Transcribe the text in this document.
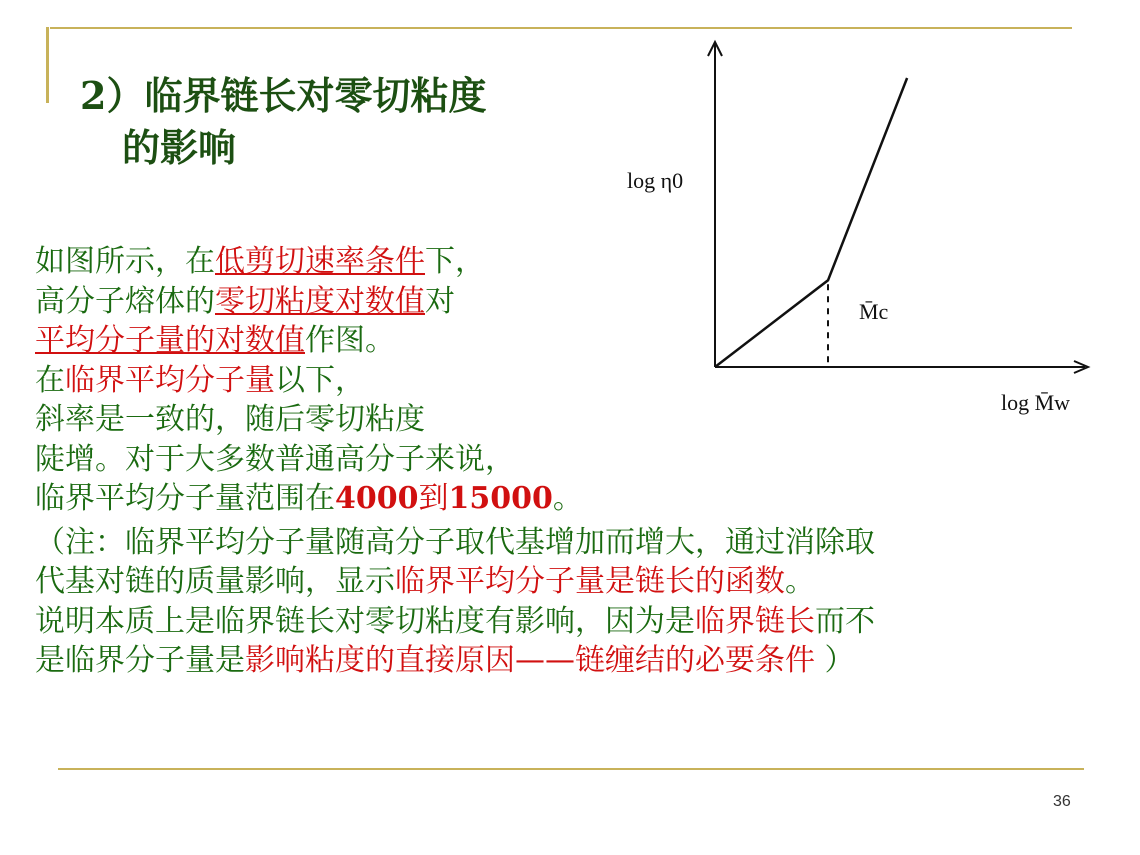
2）临界链长对零切粘度
的影响
log η0
log M̄w
M̄c
如图所示，在低剪切速率条件下，
高分子熔体的零切粘度对数值对
平均分子量的对数值作图。
在临界平均分子量以下，
斜率是一致的，随后零切粘度
陡增。对于大多数普通高分子来说，
临界平均分子量范围在4000到15000。
（注：临界平均分子量随高分子取代基增加而增大，通过消除取
代基对链的质量影响，显示临界平均分子量是链长的函数。
说明本质上是临界链长对零切粘度有影响，因为是临界链长而不
是临界分子量是影响粘度的直接原因——链缠结的必要条件 ）
36
